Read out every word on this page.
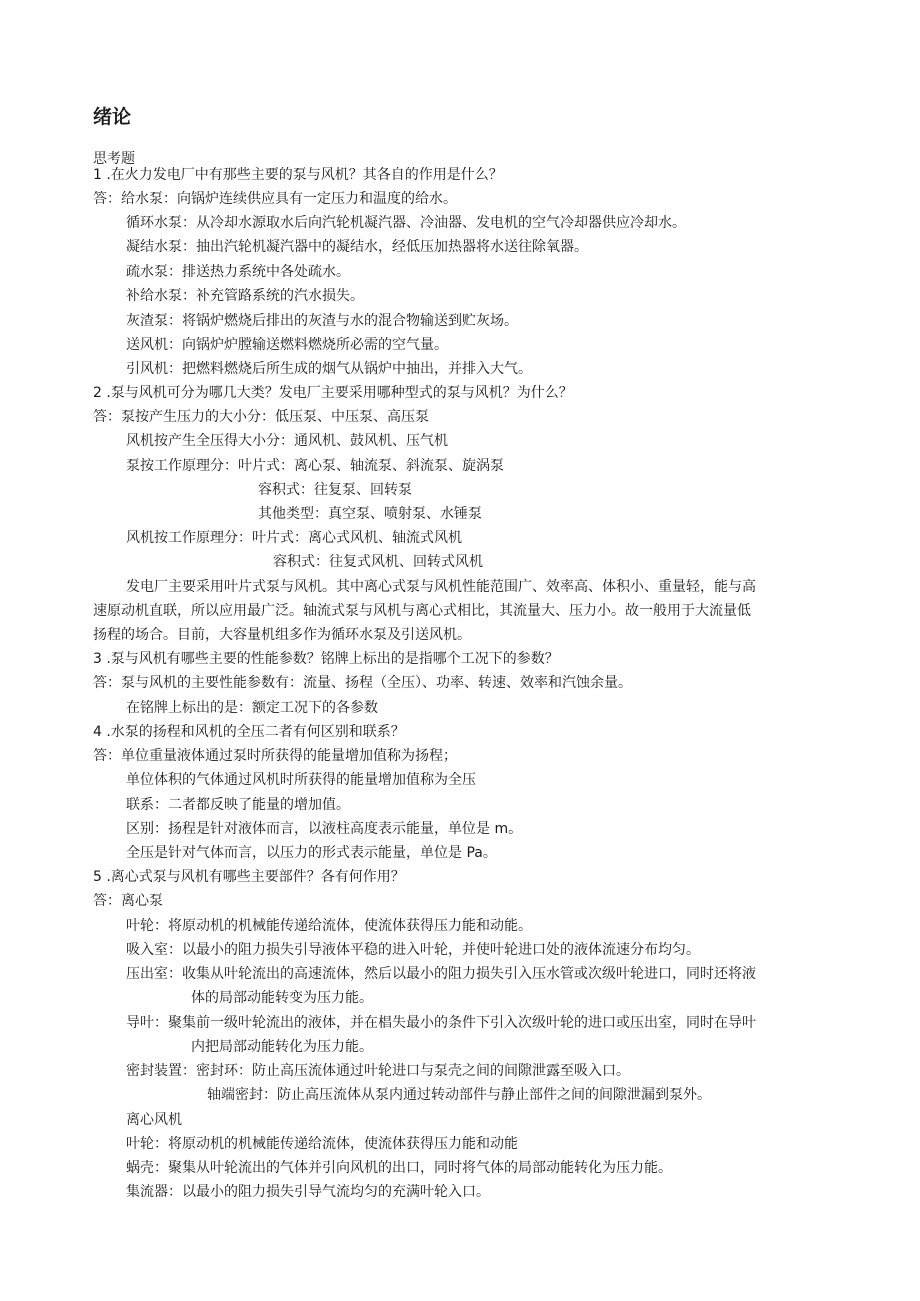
绪论
思考题
1 .在火力发电厂中有那些主要的泵与风机？其各自的作用是什么？
答：给水泵：向锅炉连续供应具有一定压力和温度的给水。
循环水泵：从冷却水源取水后向汽轮机凝汽器、冷油器、发电机的空气冷却器供应冷却水。
凝结水泵：抽出汽轮机凝汽器中的凝结水，经低压加热器将水送往除氧器。
疏水泵：排送热力系统中各处疏水。
补给水泵：补充管路系统的汽水损失。
灰渣泵：将锅炉燃烧后排出的灰渣与水的混合物输送到贮灰场。
送风机：向锅炉炉膛输送燃料燃烧所必需的空气量。
引风机：把燃料燃烧后所生成的烟气从锅炉中抽出，并排入大气。
2 .泵与风机可分为哪几大类？发电厂主要采用哪种型式的泵与风机？为什么？
答：泵按产生压力的大小分：低压泵、中压泵、高压泵
风机按产生全压得大小分：通风机、鼓风机、压气机
泵按工作原理分：叶片式：离心泵、轴流泵、斜流泵、旋涡泵
容积式：往复泵、回转泵
其他类型：真空泵、喷射泵、水锤泵
风机按工作原理分：叶片式：离心式风机、轴流式风机
容积式：往复式风机、回转式风机
发电厂主要采用叶片式泵与风机。其中离心式泵与风机性能范围广、效率高、体积小、重量轻，能与高
速原动机直联，所以应用最广泛。轴流式泵与风机与离心式相比，其流量大、压力小。故一般用于大流量低
扬程的场合。目前，大容量机组多作为循环水泵及引送风机。
3 .泵与风机有哪些主要的性能参数？铭牌上标出的是指哪个工况下的参数？
答：泵与风机的主要性能参数有：流量、扬程（全压）、功率、转速、效率和汽蚀余量。
在铭牌上标出的是：额定工况下的各参数
4 .水泵的扬程和风机的全压二者有何区别和联系？
答：单位重量液体通过泵时所获得的能量增加值称为扬程；
单位体积的气体通过风机时所获得的能量增加值称为全压
联系：二者都反映了能量的增加值。
区别：扬程是针对液体而言，以液柱高度表示能量，单位是 m。
全压是针对气体而言，以压力的形式表示能量，单位是 Pa。
5 .离心式泵与风机有哪些主要部件？各有何作用？
答：离心泵
叶轮：将原动机的机械能传递给流体，使流体获得压力能和动能。
吸入室：以最小的阻力损失引导液体平稳的进入叶轮，并使叶轮进口处的液体流速分布均匀。
压出室：收集从叶轮流出的高速流体，然后以最小的阻力损失引入压水管或次级叶轮进口，同时还将液
体的局部动能转变为压力能。
导叶：聚集前一级叶轮流出的液体，并在椙失最小的条件下引入次级叶轮的进口或压出室，同时在导叶
内把局部动能转化为压力能。
密封装置：密封环：防止高压流体通过叶轮进口与泵壳之间的间隙泄露至吸入口。
轴端密封：防止高压流体从泵内通过转动部件与静止部件之间的间隙泄漏到泵外。
离心风机
叶轮：将原动机的机械能传递给流体，使流体获得压力能和动能
蜗壳：聚集从叶轮流出的气体并引向风机的出口，同时将气体的局部动能转化为压力能。
集流器：以最小的阻力损失引导气流均匀的充满叶轮入口。
